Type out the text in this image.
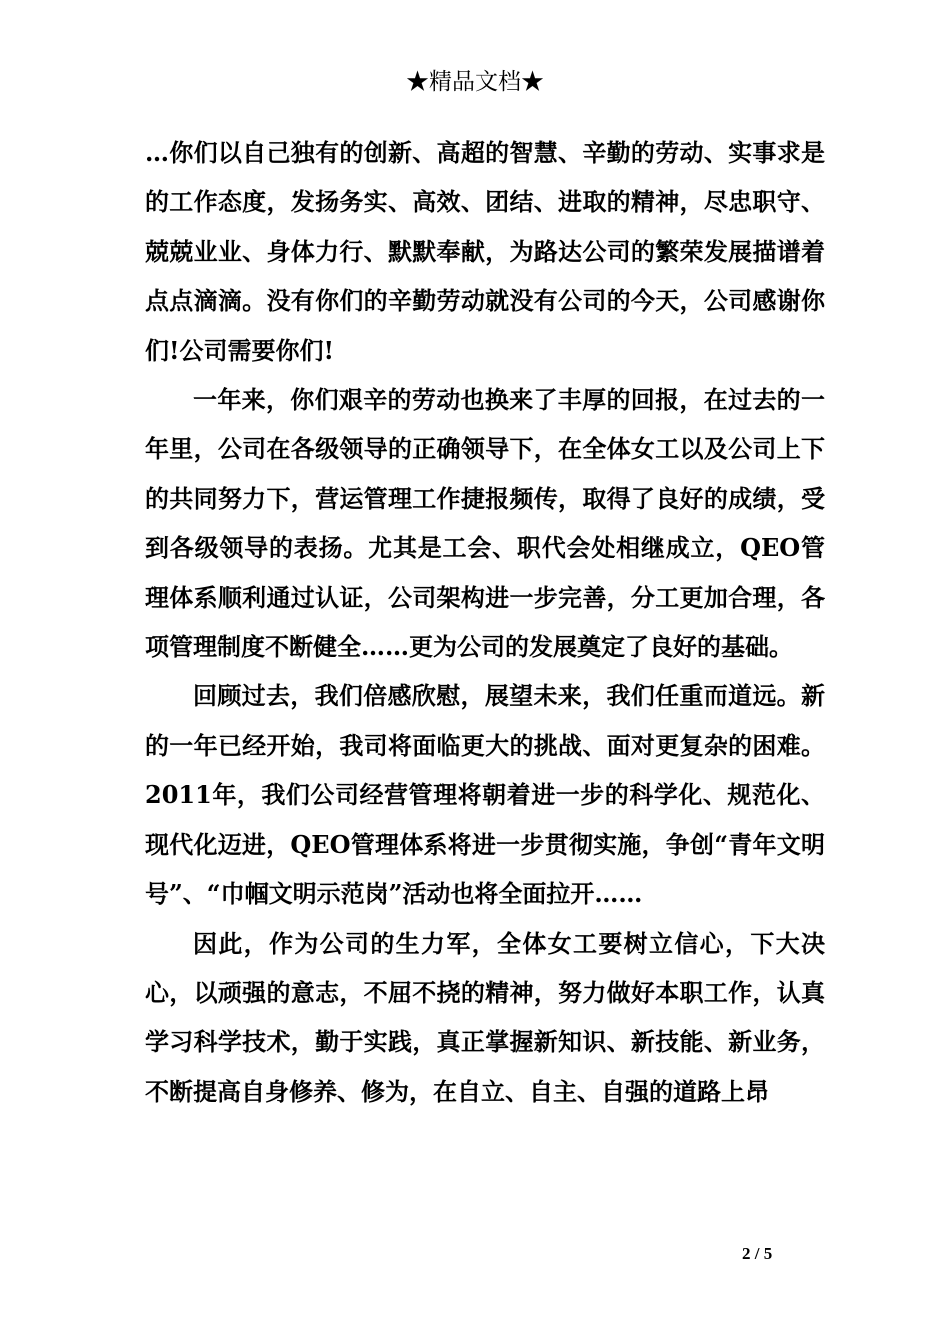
★精品文档★

…你们以自己独有的创新、高超的智慧、辛勤的劳动、实事求是的工作态度，发扬务实、高效、团结、进取的精神，尽忠职守、兢兢业业、身体力行、默默奉献，为路达公司的繁荣发展描谱着点点滴滴。没有你们的辛勤劳动就没有公司的今天，公司感谢你们!公司需要你们!

一年来，你们艰辛的劳动也换来了丰厚的回报，在过去的一年里，公司在各级领导的正确领导下，在全体女工以及公司上下的共同努力下，营运管理工作捷报频传，取得了良好的成绩，受到各级领导的表扬。尤其是工会、职代会处相继成立，QEO管理体系顺利通过认证，公司架构进一步完善，分工更加合理，各项管理制度不断健全……更为公司的发展奠定了良好的基础。

回顾过去，我们倍感欣慰，展望未来，我们任重而道远。新的一年已经开始，我司将面临更大的挑战、面对更复杂的困难。2011年，我们公司经营管理将朝着进一步的科学化、规范化、现代化迈进，QEO管理体系将进一步贯彻实施，争创“青年文明号”、“巾帼文明示范岗”活动也将全面拉开……

因此，作为公司的生力军，全体女工要树立信心，下大决心，以顽强的意志，不屈不挠的精神，努力做好本职工作，认真学习科学技术，勤于实践，真正掌握新知识、新技能、新业务，不断提高自身修养、修为，在自立、自主、自强的道路上昂

2 / 5
